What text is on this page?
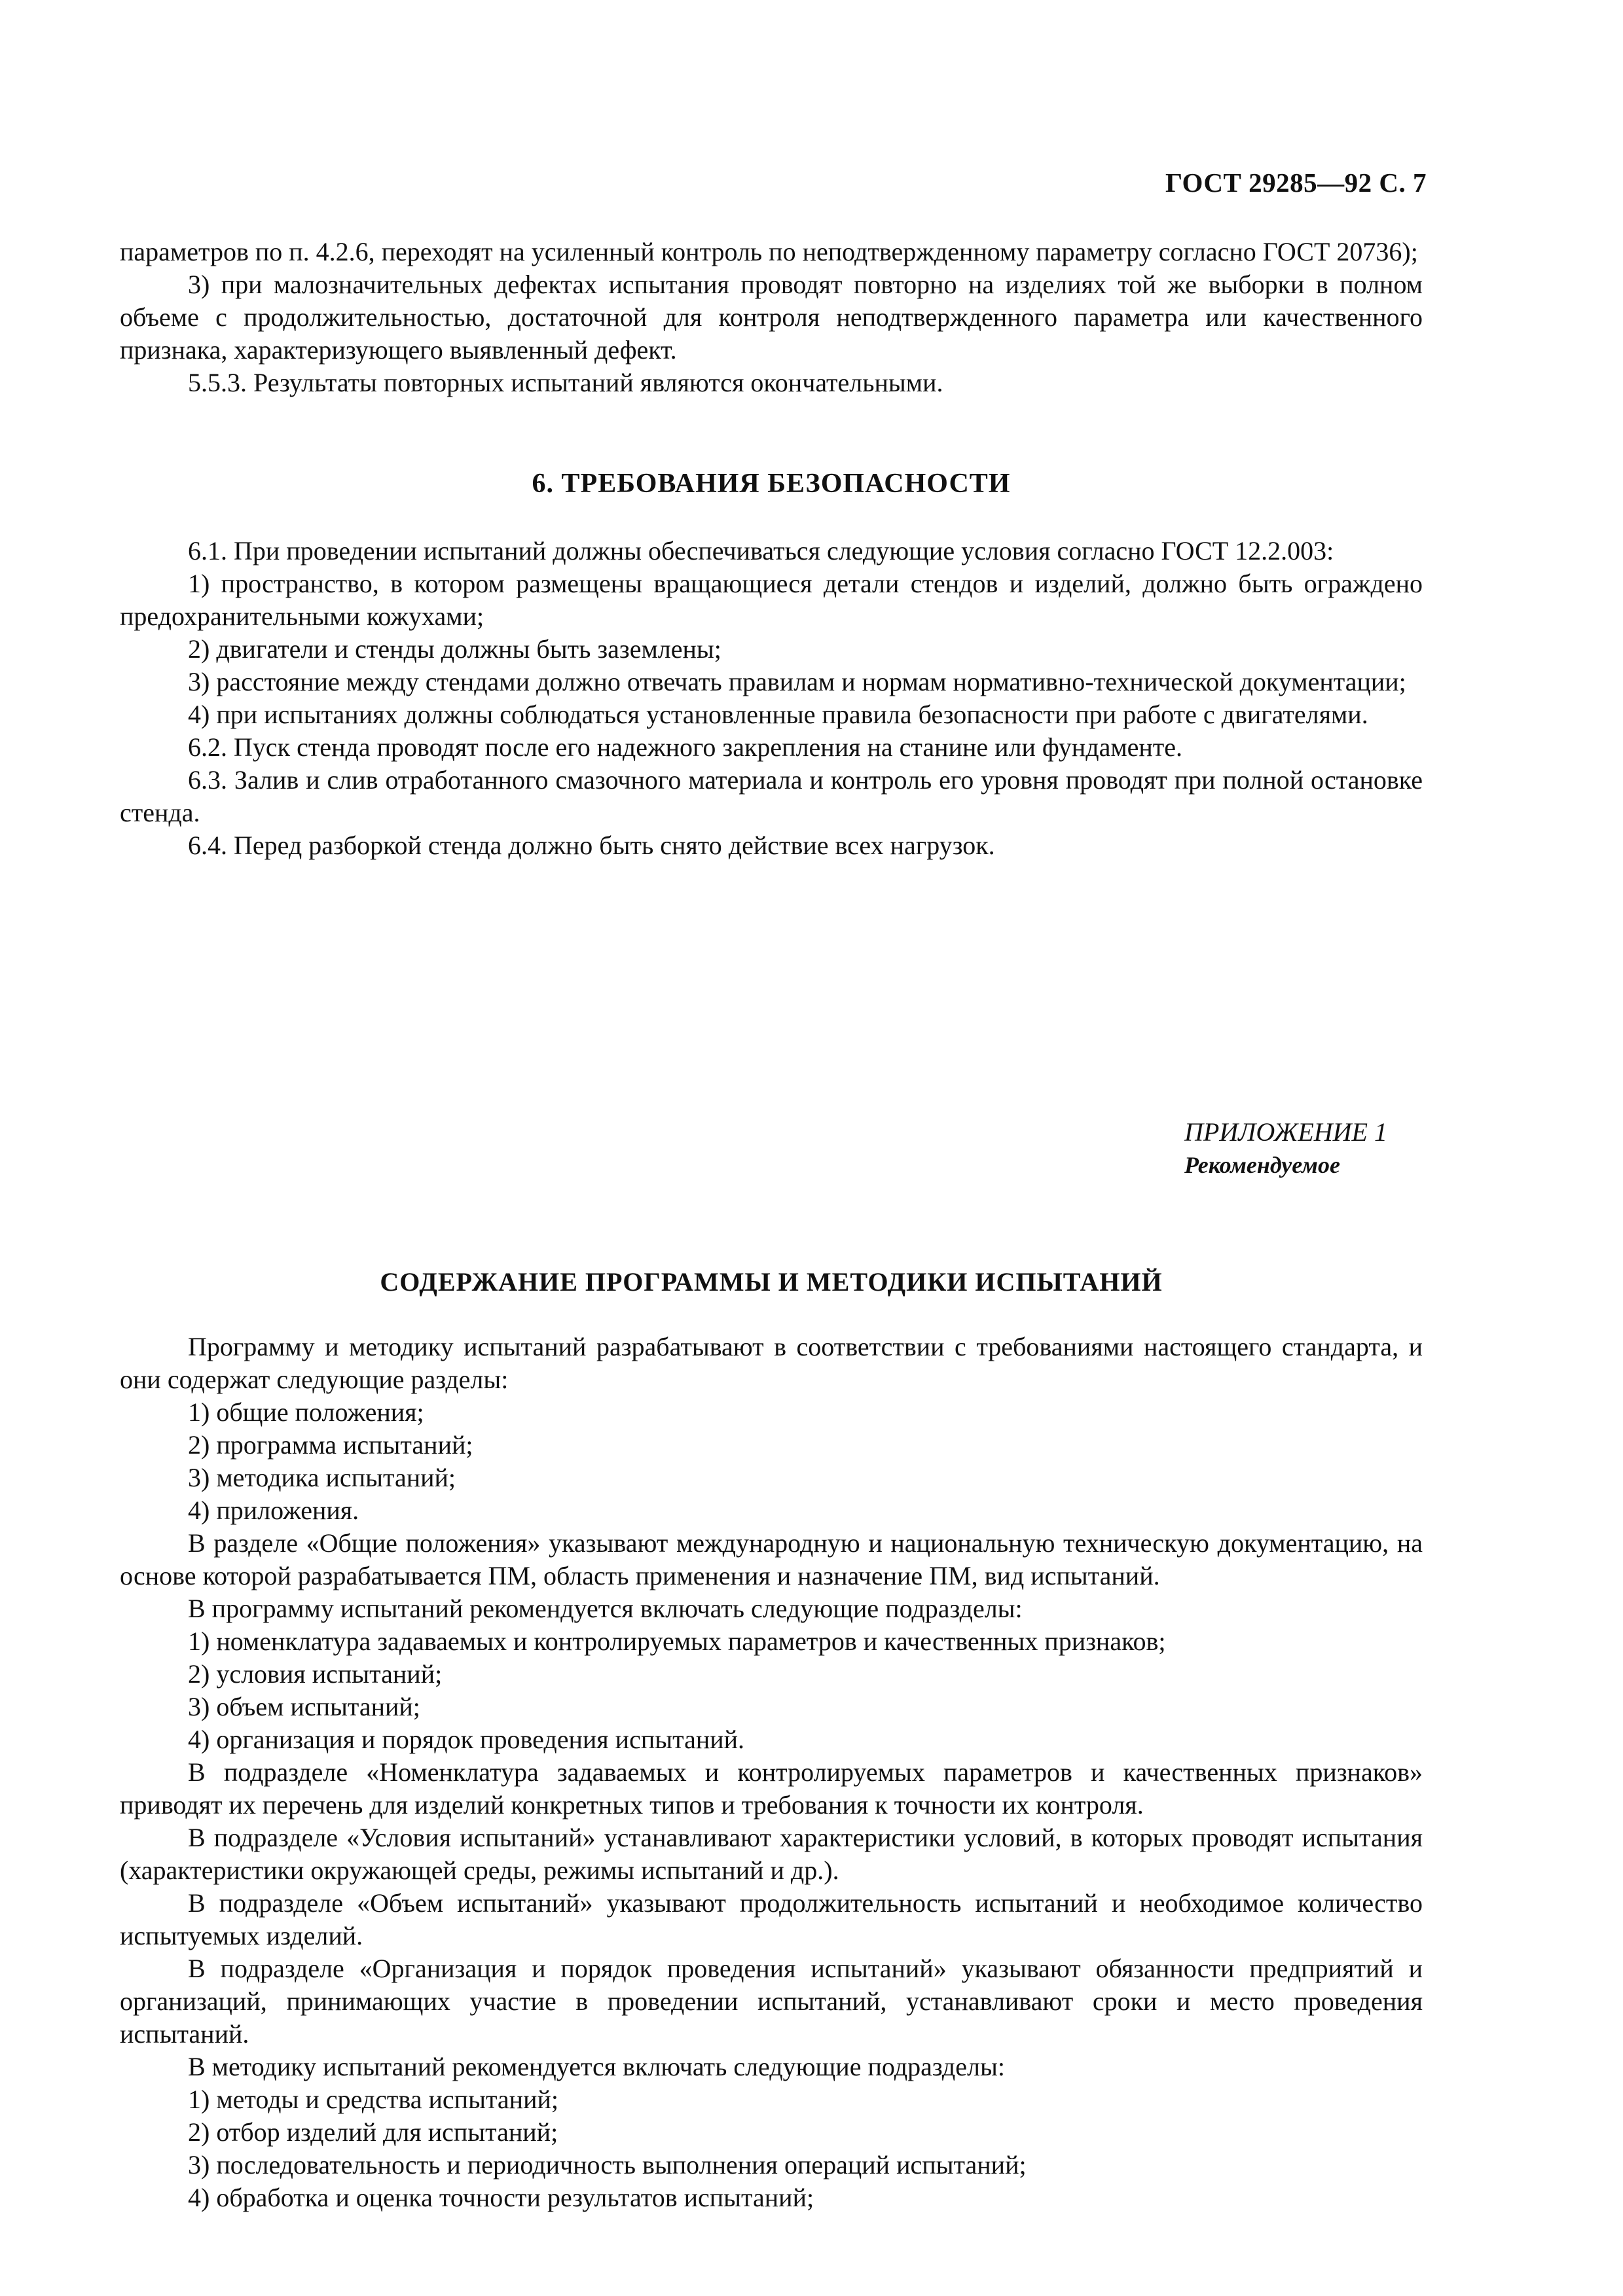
ГОСТ 29285—92 С. 7

параметров по п. 4.2.6, переходят на усиленный контроль по неподтвержденному параметру согласно ГОСТ 20736);

3) при малозначительных дефектах испытания проводят повторно на изделиях той же выборки в полном объеме с продолжительностью, достаточной для контроля неподтвержденного параметра или качественного признака, характеризующего выявленный дефект.

5.5.3. Результаты повторных испытаний являются окончательными.

6. ТРЕБОВАНИЯ БЕЗОПАСНОСТИ

6.1. При проведении испытаний должны обеспечиваться следующие условия согласно ГОСТ 12.2.003:

1) пространство, в котором размещены вращающиеся детали стендов и изделий, должно быть ограждено предохранительными кожухами;

2) двигатели и стенды должны быть заземлены;

3) расстояние между стендами должно отвечать правилам и нормам нормативно-технической документации;

4) при испытаниях должны соблюдаться установленные правила безопасности при работе с двигателями.

6.2. Пуск стенда проводят после его надежного закрепления на станине или фундаменте.

6.3. Залив и слив отработанного смазочного материала и контроль его уровня проводят при полной остановке стенда.

6.4. Перед разборкой стенда должно быть снято действие всех нагрузок.

ПРИЛОЖЕНИЕ 1
Рекомендуемое

СОДЕРЖАНИЕ ПРОГРАММЫ И МЕТОДИКИ ИСПЫТАНИЙ

Программу и методику испытаний разрабатывают в соответствии с требованиями настоящего стандарта, и они содержат следующие разделы:

1) общие положения;

2) программа испытаний;

3) методика испытаний;

4) приложения.

В разделе «Общие положения» указывают международную и национальную техническую документацию, на основе которой разрабатывается ПМ, область применения и назначение ПМ, вид испытаний.

В программу испытаний рекомендуется включать следующие подразделы:

1) номенклатура задаваемых и контролируемых параметров и качественных признаков;

2) условия испытаний;

3) объем испытаний;

4) организация и порядок проведения испытаний.

В подразделе «Номенклатура задаваемых и контролируемых параметров и качественных признаков» приводят их перечень для изделий конкретных типов и требования к точности их контроля.

В подразделе «Условия испытаний» устанавливают характеристики условий, в которых проводят испытания (характеристики окружающей среды, режимы испытаний и др.).

В подразделе «Объем испытаний» указывают продолжительность испытаний и необходимое количество испытуемых изделий.

В подразделе «Организация и порядок проведения испытаний» указывают обязанности предприятий и организаций, принимающих участие в проведении испытаний, устанавливают сроки и место проведения испытаний.

В методику испытаний рекомендуется включать следующие подразделы:

1) методы и средства испытаний;

2) отбор изделий для испытаний;

3) последовательность и периодичность выполнения операций испытаний;

4) обработка и оценка точности результатов испытаний;
